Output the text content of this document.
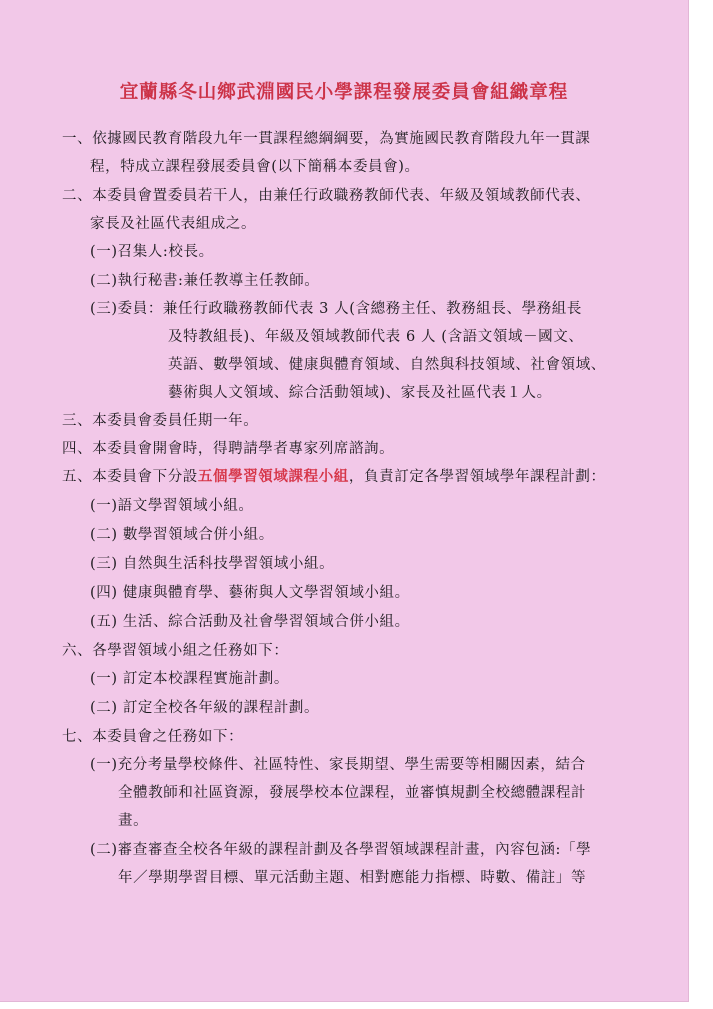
宜蘭縣冬山鄉武淵國民小學課程發展委員會組織章程
一、依據國民教育階段九年一貫課程總綱綱要，為實施國民教育階段九年一貫課
程，特成立課程發展委員會(以下簡稱本委員會)。
二、本委員會置委員若干人，由兼任行政職務教師代表、年級及領域教師代表、
家長及社區代表組成之。
(一)召集人:校長。
(二)執行秘書:兼任教導主任教師。
(三)委員：兼任行政職務教師代表 3 人(含總務主任、教務組長、學務組長
及特教組長)、年級及領域教師代表 6 人 (含語文領域－國文、
英語、數學領域、健康與體育領域、自然與科技領域、社會領域、
藝術與人文領域、綜合活動領域)、家長及社區代表１人。
三、本委員會委員任期一年。
四、本委員會開會時，得聘請學者專家列席諮詢。
五、本委員會下分設五個學習領域課程小組，負責訂定各學習領域學年課程計劃：
(一)語文學習領域小組。
(二) 數學習領域合併小組。
(三) 自然與生活科技學習領域小組。
(四) 健康與體育學、藝術與人文學習領域小組。
(五) 生活、綜合活動及社會學習領域合併小組。
六、各學習領域小組之任務如下：
(一) 訂定本校課程實施計劃。
(二) 訂定全校各年級的課程計劃。
七、本委員會之任務如下：
(一)充分考量學校條件、社區特性、家長期望、學生需要等相關因素，結合
全體教師和社區資源，發展學校本位課程，並審慎規劃全校總體課程計
畫。
(二)審查審查全校各年級的課程計劃及各學習領域課程計畫，內容包涵:「學
年／學期學習目標、單元活動主題、相對應能力指標、時數、備註」等
